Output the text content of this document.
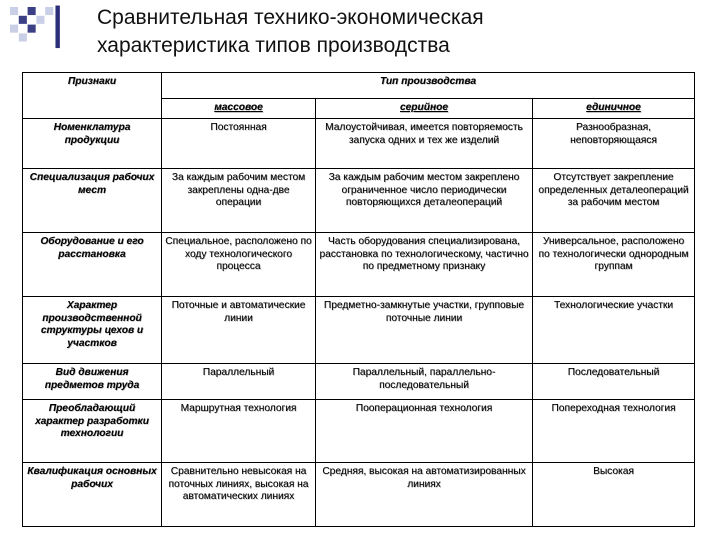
Сравнительная технико-экономическая
характеристика типов производства
Признаки	Тип производства		
	массовое	серийное	единичное
Номенклатура продукции	Постоянная	Малоустойчивая, имеется повторяемость запуска одних и тех же изделий	Разнообразная, неповторяющаяся
Специализация рабочих мест	За каждым рабочим местом закреплены одна-две операции	За каждым рабочим местом закреплено ограниченное число периодически повторяющихся деталеопераций	Отсутствует закрепление определенных деталеопераций за рабочим местом
Оборудование и его расстановка	Специальное, расположено по ходу технологического процесса	Часть оборудования специализирована, расстановка по технологическому, частично по предметному признаку	Универсальное, расположено по технологически однородным группам
Характер производственной структуры цехов и участков	Поточные и автоматические линии	Предметно-замкнутые участки, групповые поточные линии	Технологические участки
Вид движения предметов труда	Параллельный	Параллельный, параллельно-последовательный	Последовательный
Преобладающий характер разработки технологии	Маршрутная технология	Пооперационная технология	Попереходная технология
Квалификация основных рабочих	Сравнительно невысокая на поточных линиях, высокая на автоматических линиях	Средняя, высокая на автоматизированных линиях	Высокая
